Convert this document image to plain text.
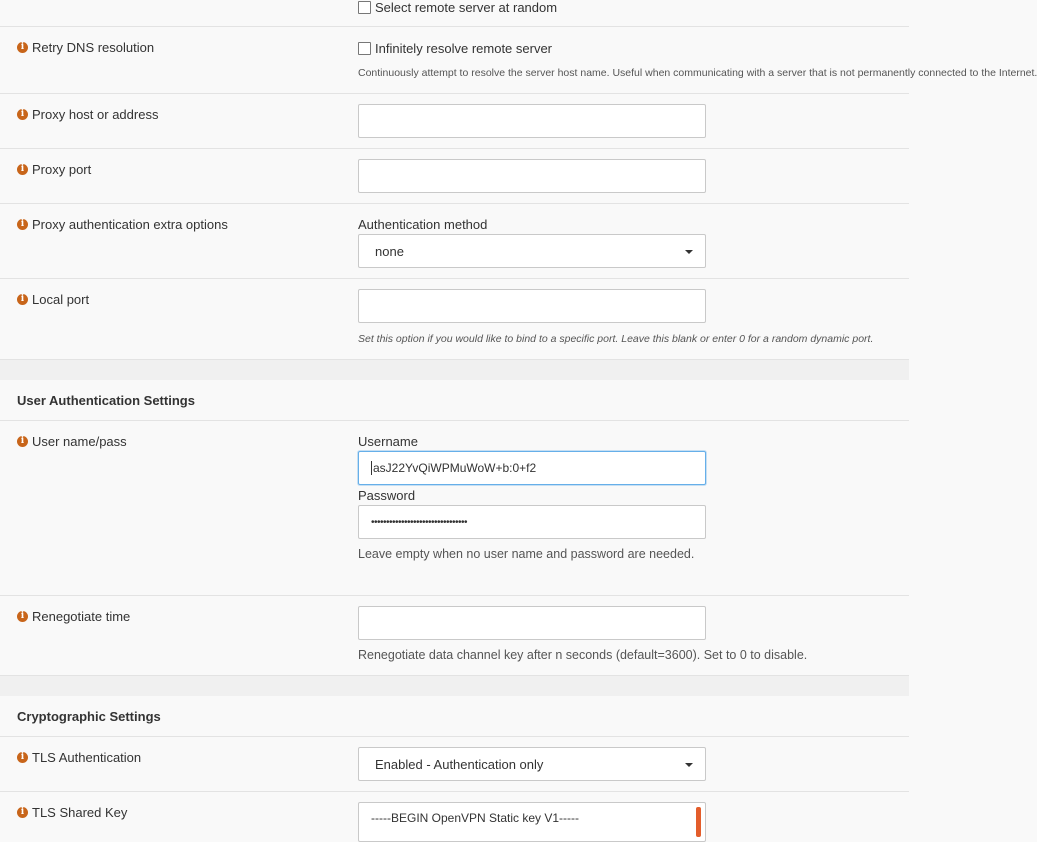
Select remote server at random
i Retry DNS resolution	Infinitely resolve remote server
Continuously attempt to resolve the server host name. Useful when communicating with a server that is not permanently connected to the Internet.
i Proxy host or address
i Proxy port
i Proxy authentication extra options	Authentication method
none
i Local port
Set this option if you would like to bind to a specific port. Leave this blank or enter 0 for a random dynamic port.
User Authentication Settings
i User name/pass	Username
asJ22YvQiWPMuWoW+b:0+f2
Password
••••••••••••••••••••••••••••••••
Leave empty when no user name and password are needed.
i Renegotiate time
Renegotiate data channel key after n seconds (default=3600). Set to 0 to disable.
Cryptographic Settings
i TLS Authentication	Enabled - Authentication only
i TLS Shared Key	-----BEGIN OpenVPN Static key V1-----
